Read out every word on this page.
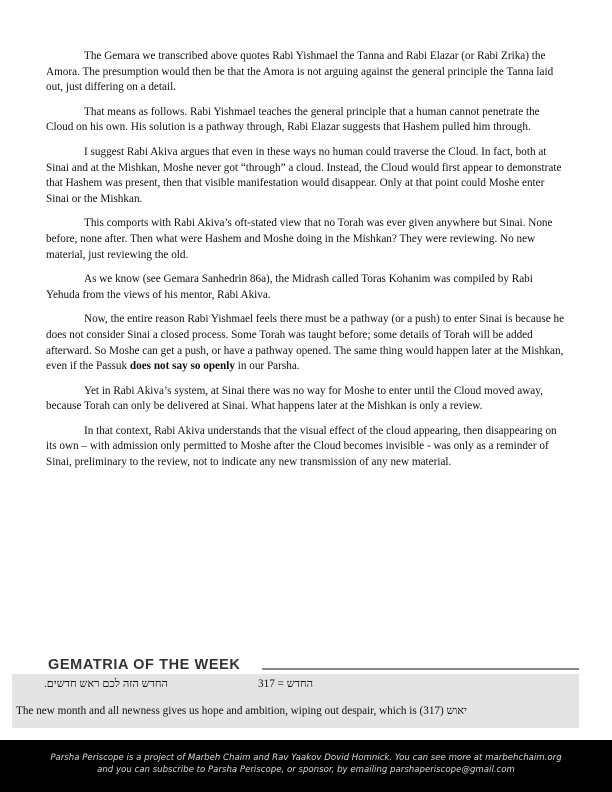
The Gemara we transcribed above quotes Rabi Yishmael the Tanna and Rabi Elazar (or Rabi Zrika) the Amora. The presumption would then be that the Amora is not arguing against the general principle the Tanna laid out, just differing on a detail.

That means as follows. Rabi Yishmael teaches the general principle that a human cannot penetrate the Cloud on his own. His solution is a pathway through, Rabi Elazar suggests that Hashem pulled him through.

I suggest Rabi Akiva argues that even in these ways no human could traverse the Cloud. In fact, both at Sinai and at the Mishkan, Moshe never got “through” a cloud. Instead, the Cloud would first appear to demonstrate that Hashem was present, then that visible manifestation would disappear. Only at that point could Moshe enter Sinai or the Mishkan.

This comports with Rabi Akiva’s oft-stated view that no Torah was ever given anywhere but Sinai. None before, none after. Then what were Hashem and Moshe doing in the Mishkan? They were reviewing. No new material, just reviewing the old.

As we know (see Gemara Sanhedrin 86a), the Midrash called Toras Kohanim was compiled by Rabi Yehuda from the views of his mentor, Rabi Akiva.

Now, the entire reason Rabi Yishmael feels there must be a pathway (or a push) to enter Sinai is because he does not consider Sinai a closed process. Some Torah was taught before; some details of Torah will be added afterward. So Moshe can get a push, or have a pathway opened. The same thing would happen later at the Mishkan, even if the Passuk does not say so openly in our Parsha.

Yet in Rabi Akiva’s system, at Sinai there was no way for Moshe to enter until the Cloud moved away, because Torah can only be delivered at Sinai. What happens later at the Mishkan is only a review.

In that context, Rabi Akiva understands that the visual effect of the cloud appearing, then disappearing on its own – with admission only permitted to Moshe after the Cloud becomes invisible - was only as a reminder of Sinai, preliminary to the review, not to indicate any new transmission of any new material.

GEMATRIA OF THE WEEK
החדש הזה לכם ראש חדשים.	317 = החדש
The new month and all newness gives us hope and ambition, wiping out despair, which is יאוש (317)
Parsha Periscope is a project of Marbeh Chaim and Rav Yaakov Dovid Homnick. You can see more at marbehchaim.org
and you can subscribe to Parsha Periscope, or sponsor, by emailing parshaperiscope@gmail.com
